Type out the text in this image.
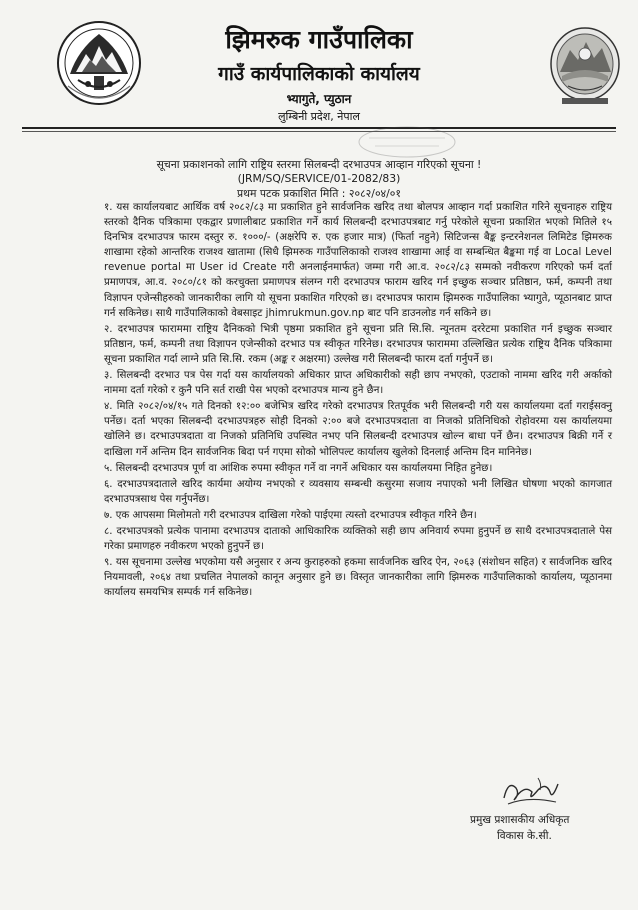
झिमरुक गाउँपालिका
गाउँ कार्यपालिकाको कार्यालय
भ्यागुते, प्युठान
लुम्बिनी प्रदेश, नेपाल
सूचना प्रकाशनको लागि राष्ट्रिय स्तरमा सिलबन्दी दरभाउपत्र आव्हान गरिएको सूचना !
(JRM/SQ/SERVICE/01-2082/83)
प्रथम पटक प्रकाशित मिति : २०८२/०४/०१

१. यस कार्यालयबाट आर्थिक वर्ष २०८२/८३ मा प्रकाशित हुने सार्वजनिक खरिद तथा बोलपत्र आव्हान गर्दा प्रकाशित गरिने सूचनाहरु राष्ट्रिय स्तरको दैनिक पत्रिकामा एकद्वार प्रणालीबाट प्रकाशित गर्ने कार्य सिलबन्दी दरभाउपत्रबाट गर्नु परेकोले सूचना प्रकाशित भएको मितिले १५ दिनभित्र दरभाउपत्र फारम दस्तुर रु. १०००/- (अक्षरेपि रु. एक हजार मात्र) (फिर्ता नहुने) सिटिजन्स बैङ्क इन्टरनेशनल लिमिटेड झिमरुक शाखामा रहेको आन्तरिक राजश्व खातामा (सिधै झिमरुक गाउँपालिकाको राजश्व शाखामा आई वा सम्बन्धित बैङ्कमा गई वा Local Level revenue portal मा User id Create गरी अनलाईनमार्फत) जम्मा गरी आ.व. २०८२/८३ सम्मको नवीकरण गरिएको फर्म दर्ता प्रमाणपत्र, आ.व. २०८०/८१ को करचुक्ता प्रमाणपत्र संलग्न गरी दरभाउपत्र फाराम खरिद गर्न इच्छुक सञ्चार प्रतिष्ठान, फर्म, कम्पनी तथा विज्ञापन एजेन्सीहरुको जानकारीका लागि यो सूचना प्रकाशित गरिएको छ। दरभाउपत्र फाराम झिमरुक गाउँपालिका भ्यागुते, प्यूठानबाट प्राप्त गर्न सकिनेछ। साथै गाउँपालिकाको वेबसाइट jhimrukmun.gov.np बाट पनि डाउनलोड गर्न सकिने छ।

२. दरभाउपत्र फाराममा राष्ट्रिय दैनिकको भित्री पृष्ठमा प्रकाशित हुने सूचना प्रति सि.सि. न्यूनतम दररेटमा प्रकाशित गर्न इच्छुक सञ्चार प्रतिष्ठान, फर्म, कम्पनी तथा विज्ञापन एजेन्सीको दरभाउ पत्र स्वीकृत गरिनेछ। दरभाउपत्र फाराममा उल्लिखित प्रत्येक राष्ट्रिय दैनिक पत्रिकामा सूचना प्रकाशित गर्दा लाग्ने प्रति सि.सि. रकम (अङ्क र अक्षरमा) उल्लेख गरी सिलबन्दी फारम दर्ता गर्नुपर्ने छ।

३. सिलबन्दी दरभाउ पत्र पेस गर्दा यस कार्यालयको अधिकार प्राप्त अधिकारीको सही छाप नभएको, एउटाको नाममा खरिद गरी अर्काको नाममा दर्ता गरेको र कुनै पनि सर्त राखी पेस भएको दरभाउपत्र मान्य हुने छैन।

४. मिति २०८२/०४/१५ गते दिनको १२:०० बजेभित्र खरिद गरेको दरभाउपत्र रितपूर्वक भरी सिलबन्दी गरी यस कार्यालयमा दर्ता गराईसक्नु पर्नेछ। दर्ता भएका सिलबन्दी दरभाउपत्रहरु सोही दिनको २:०० बजे दरभाउपत्रदाता वा निजको प्रतिनिधिको रोहोवरमा यस कार्यालयमा खोलिने छ। दरभाउपत्रदाता वा निजको प्रतिनिधि उपस्थित नभए पनि सिलबन्दी दरभाउपत्र खोल्न बाधा पर्ने छैन। दरभाउपत्र बिक्री गर्ने र दाखिला गर्ने अन्तिम दिन सार्वजनिक बिदा पर्न गएमा सोको भोलिपल्ट कार्यालय खुलेको दिनलाई अन्तिम दिन मानिनेछ।

५. सिलबन्दी दरभाउपत्र पूर्ण वा आंशिक रुपमा स्वीकृत गर्ने वा नगर्ने अधिकार यस कार्यालयमा निहित हुनेछ।

६. दरभाउपत्रदाताले खरिद कार्यमा अयोग्य नभएको र व्यवसाय सम्बन्धी कसुरमा सजाय नपाएको भनी लिखित घोषणा भएको कागजात दरभाउपत्रसाथ पेस गर्नुपर्नेछ।

७. एक आपसमा मिलोमतो गरी दरभाउपत्र दाखिला गरेको पाईएमा त्यस्तो दरभाउपत्र स्वीकृत गरिने छैन।

८. दरभाउपत्रको प्रत्येक पानामा दरभाउपत्र दाताको आधिकारिक व्यक्तिको सही छाप अनिवार्य रुपमा हुनुपर्ने छ साथै दरभाउपत्रदाताले पेस गरेका प्रमाणहरु नवीकरण भएको हुनुपर्ने छ।

९. यस सूचनामा उल्लेख भएकोमा यसै अनुसार र अन्य कुराहरुको हकमा सार्वजनिक खरिद ऐन, २०६३ (संशोधन सहित) र सार्वजनिक खरिद नियमावली, २०६४ तथा प्रचलित नेपालको कानून अनुसार हुने छ। विस्तृत जानकारीका लागि झिमरुक गाउँपालिकाको कार्यालय, प्यूठानमा कार्यालय समयभित्र सम्पर्क गर्न सकिनेछ।

प्रमुख प्रशासकीय अधिकृत
विकास के.सी.
